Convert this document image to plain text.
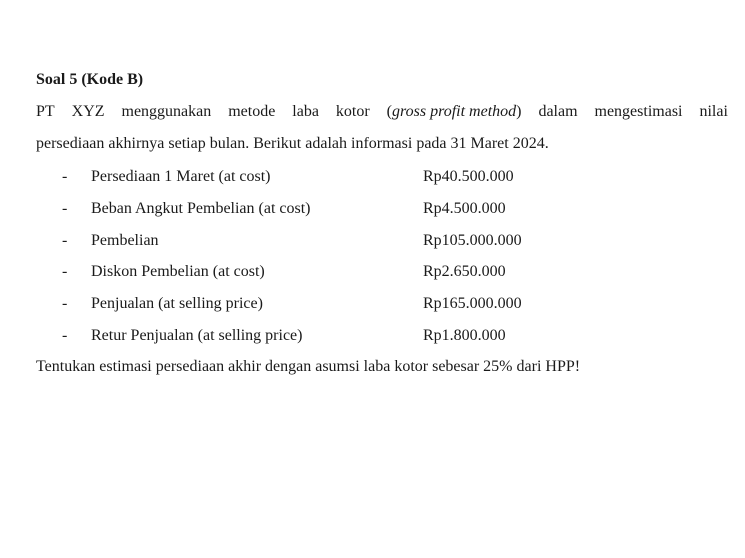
Soal 5 (Kode B)
PT XYZ menggunakan metode laba kotor (gross profit method) dalam mengestimasi nilai
persediaan akhirnya setiap bulan. Berikut adalah informasi pada 31 Maret 2024.
- Persediaan 1 Maret (at cost)	Rp40.500.000
- Beban Angkut Pembelian (at cost)	Rp4.500.000
- Pembelian	Rp105.000.000
- Diskon Pembelian (at cost)	Rp2.650.000
- Penjualan (at selling price)	Rp165.000.000
- Retur Penjualan (at selling price)	Rp1.800.000
Tentukan estimasi persediaan akhir dengan asumsi laba kotor sebesar 25% dari HPP!
